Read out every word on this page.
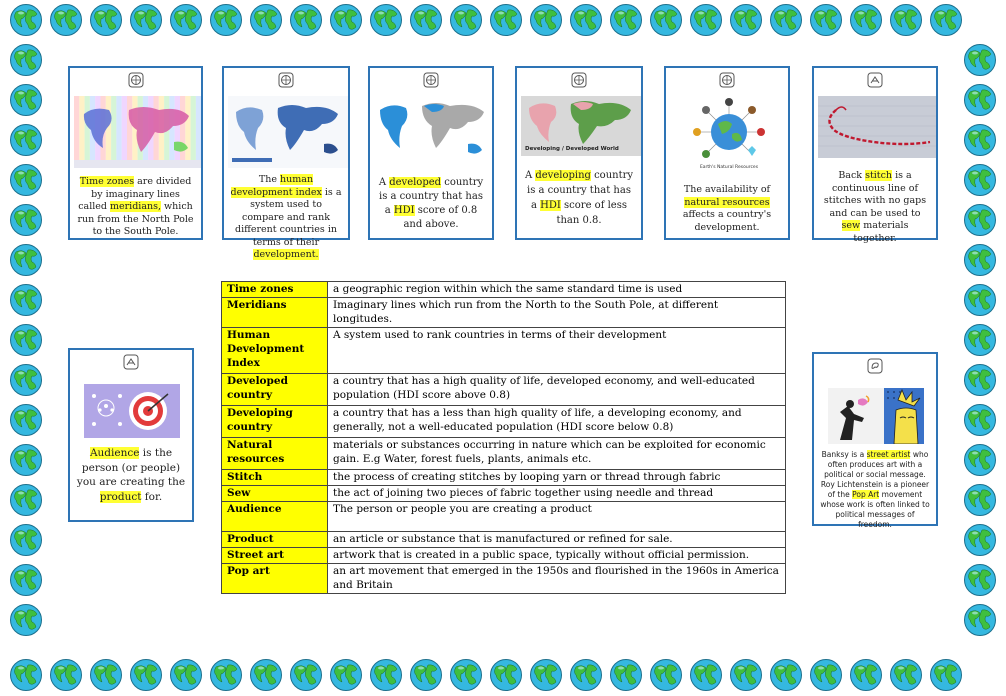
Time zones are divided by imaginary lines called meridians, which run from the North Pole to the South Pole.
The human development index is a system used to compare and rank different countries in terms of their development.
A developed country is a country that has a HDI score of 0.8 and above.
Developing / Developed World
A developing country is a country that has a HDI score of less than 0.8.
Earth's Natural Resources
The availability of natural resources affects a country's development.
Back stitch is a continuous line of stitches with no gaps and can be used to sew materials together.
Audience is the person (or people) you are creating the product for.
Banksy is a street artist who often produces art with a political or social message. Roy Lichtenstein is a pioneer of the Pop Art movement whose work is often linked to political messages of freedom.
Time zones	a geographic region within which the same standard time is used
Meridians	Imaginary lines which run from the North to the South Pole, at different longitudes.
Human Development Index	A system used to rank countries in terms of their development
Developed country	a country that has a high quality of life, developed economy, and well-educated population (HDI score above 0.8)
Developing country	a country that has a less than high quality of life, a developing economy, and generally, not a well-educated population (HDI score below 0.8)
Natural resources	materials or substances occurring in nature which can be exploited for economic gain. E.g Water, forest fuels, plants, animals etc.
Stitch	the process of creating stitches by looping yarn or thread through fabric
Sew	the act of joining two pieces of fabric together using needle and thread
Audience	The person or people you are creating a product
Product	an article or substance that is manufactured or refined for sale.
Street art	artwork that is created in a public space, typically without official permission.
Pop art	an art movement that emerged in the 1950s and flourished in the 1960s in America and Britain
